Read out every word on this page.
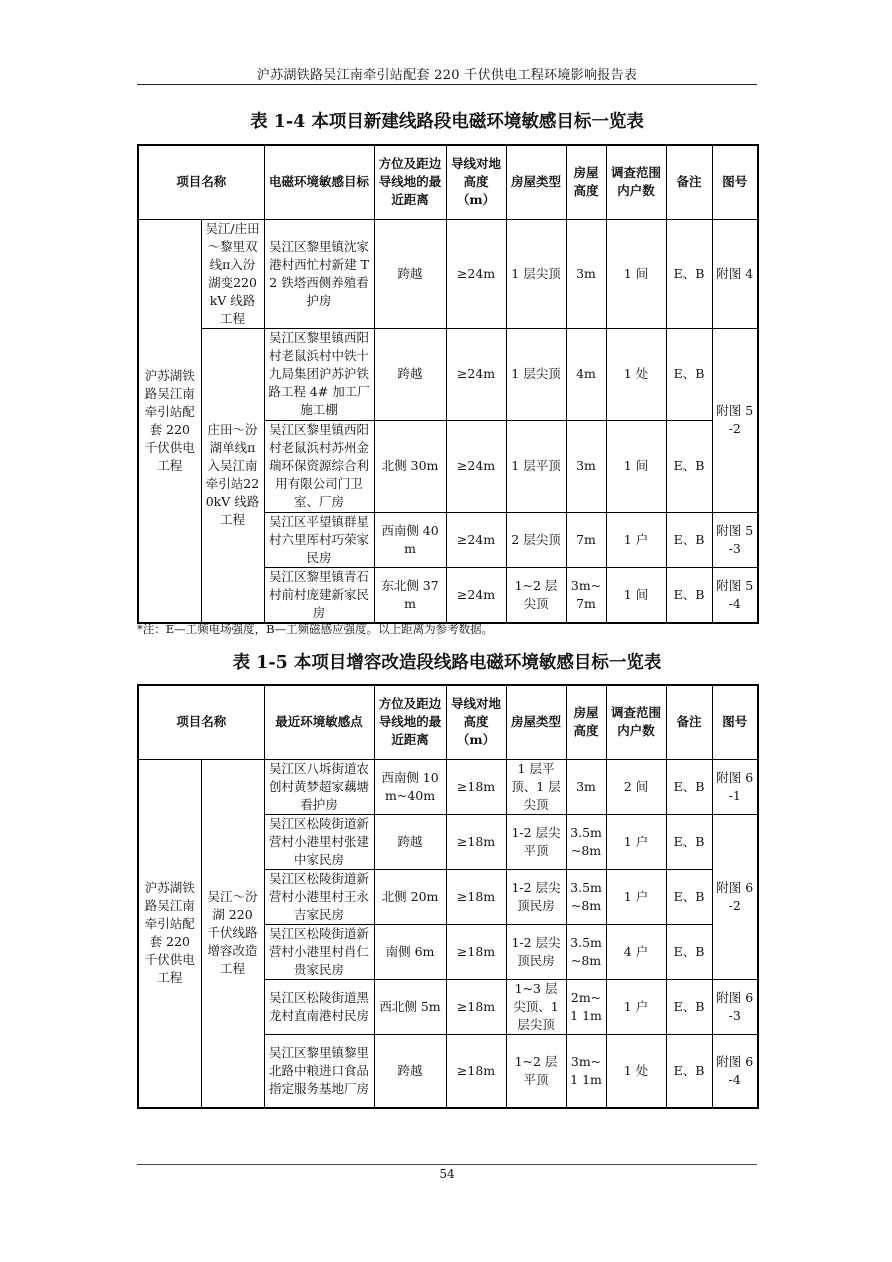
沪苏湖铁路吴江南牵引站配套 220 千伏供电工程环境影响报告表
表 1-4 本项目新建线路段电磁环境敏感目标一览表
项目名称		电磁环境敏感目标	方位及距边导线地的最近距离	导线对地高度（m）	房屋类型	房屋高度	调查范围内户数	备注	图号
沪苏湖铁路吴江南牵引站配套 220 千伏供电工程	吴江/庄田～黎里双线π入汾湖变220kV 线路工程	吴江区黎里镇沈家港村西忙村新建 T2 铁塔西侧养殖看护房	跨越	≥24m	1 层尖顶	3m	1 间	E、B	附图 4
	庄田～汾湖单线π入吴江南牵引站220kV 线路工程	吴江区黎里镇西阳村老鼠浜村中铁十九局集团沪苏沪铁路工程 4# 加工厂施工棚	跨越	≥24m	1 层尖顶	4m	1 处	E、B	附图 5-2
		吴江区黎里镇西阳村老鼠浜村苏州金瑞环保资源综合利用有限公司门卫室、厂房	北侧 30m	≥24m	1 层平顶	3m	1 间	E、B	
		吴江区平望镇群星村六里厍村巧荣家民房	西南侧 40m	≥24m	2 层尖顶	7m	1 户	E、B	附图 5-3
		吴江区黎里镇青石村前村庞建新家民房	东北侧 37m	≥24m	1~2 层尖顶	3m~7m	1 间	E、B	附图 5-4
*注：E—工频电场强度，B—工频磁感应强度。以上距离为参考数据。
表 1-5 本项目增容改造段线路电磁环境敏感目标一览表
项目名称		最近环境敏感点	方位及距边导线地的最近距离	导线对地高度（m）	房屋类型	房屋高度	调查范围内户数	备注	图号
沪苏湖铁路吴江南牵引站配套 220 千伏供电工程	吴江～汾湖 220 千伏线路增容改造工程	吴江区八坼街道农创村黄梦超家藕塘看护房	西南侧 10m~40m	≥18m	1 层平顶、1 层尖顶	3m	2 间	E、B	附图 6-1
		吴江区松陵街道新营村小港里村张建中家民房	跨越	≥18m	1-2 层尖平顶	3.5m ~8m	1 户	E、B	附图 6-2
		吴江区松陵街道新营村小港里村王永吉家民房	北侧 20m	≥18m	1-2 层尖顶民房	3.5m ~8m	1 户	E、B	
		吴江区松陵街道新营村小港里村肖仁贵家民房	南侧 6m	≥18m	1-2 层尖顶民房	3.5m ~8m	4 户	E、B	
		吴江区松陵街道黑龙村直南港村民房	西北侧 5m	≥18m	1~3 层尖顶、1 层尖顶	2m~1 1m	1 户	E、B	附图 6-3
		吴江区黎里镇黎里北路中粮进口食品指定服务基地厂房	跨越	≥18m	1~2 层平顶	3m~1 1m	1 处	E、B	附图 6-4
54
